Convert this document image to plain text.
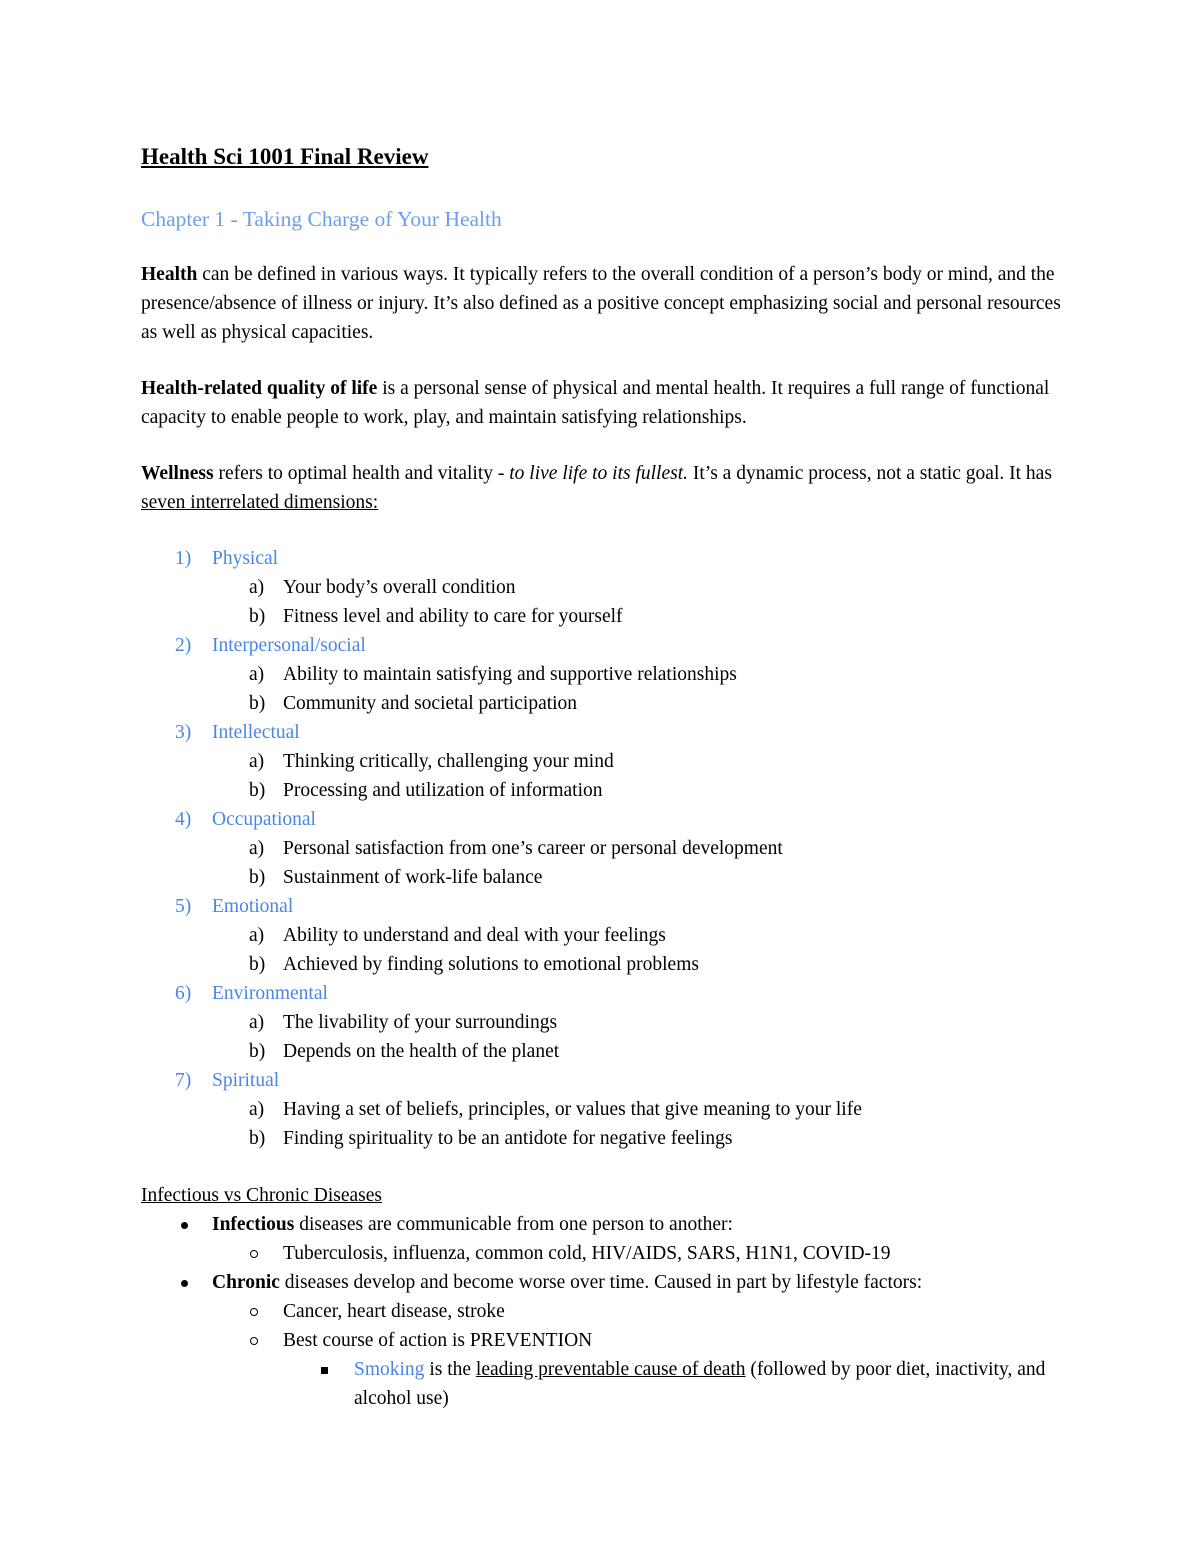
Health Sci 1001 Final Review
Chapter 1 - Taking Charge of Your Health

Health can be defined in various ways. It typically refers to the overall condition of a person’s body or mind, and the presence/absence of illness or injury. It’s also defined as a positive concept emphasizing social and personal resources as well as physical capacities.

Health-related quality of life is a personal sense of physical and mental health. It requires a full range of functional capacity to enable people to work, play, and maintain satisfying relationships.

Wellness refers to optimal health and vitality - to live life to its fullest. It’s a dynamic process, not a static goal. It has seven interrelated dimensions:

1) Physical
a) Your body’s overall condition
b) Fitness level and ability to care for yourself
2) Interpersonal/social
a) Ability to maintain satisfying and supportive relationships
b) Community and societal participation
3) Intellectual
a) Thinking critically, challenging your mind
b) Processing and utilization of information
4) Occupational
a) Personal satisfaction from one’s career or personal development
b) Sustainment of work-life balance
5) Emotional
a) Ability to understand and deal with your feelings
b) Achieved by finding solutions to emotional problems
6) Environmental
a) The livability of your surroundings
b) Depends on the health of the planet
7) Spiritual
a) Having a set of beliefs, principles, or values that give meaning to your life
b) Finding spirituality to be an antidote for negative feelings
Infectious vs Chronic Diseases
Infectious diseases are communicable from one person to another:
Tuberculosis, influenza, common cold, HIV/AIDS, SARS, H1N1, COVID-19
Chronic diseases develop and become worse over time. Caused in part by lifestyle factors:
Cancer, heart disease, stroke
Best course of action is PREVENTION
Smoking is the leading preventable cause of death (followed by poor diet, inactivity, and alcohol use)
